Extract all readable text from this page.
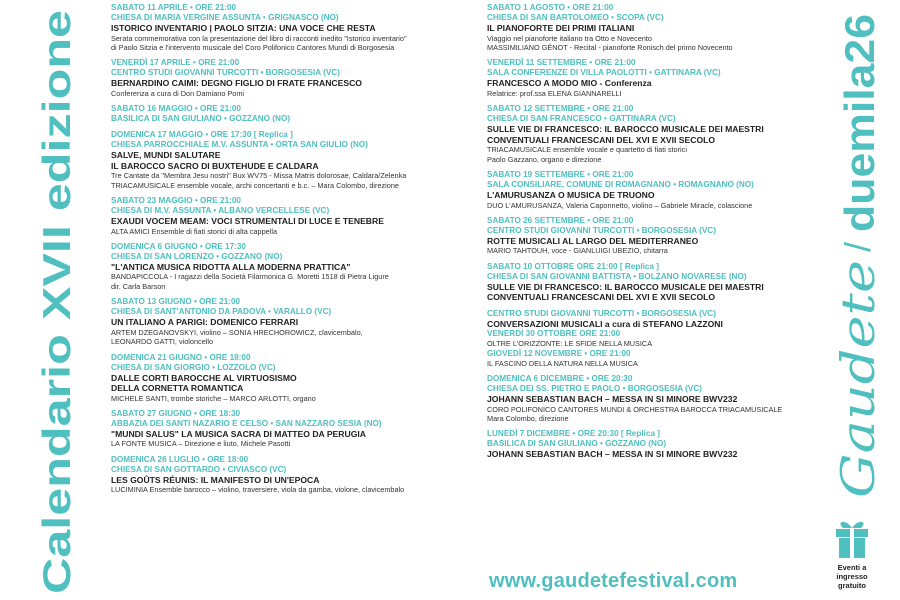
Calendario XVII edizione
SABATO 11 APRILE • ORE 21:00
CHIESA DI MARIA VERGINE ASSUNTA • GRIGNASCO (NO)
ISTORICO INVENTARIO | PAOLO SITZIA: UNA VOCE CHE RESTA
Serata commemorativa con la presentazione del libro di racconti inedito "Istorico inventario"
di Paolo Sitzia e l'intervento musicale del Coro Polifonico Cantores Mundi di Borgosesia
VENERDÌ 17 APRILE • ORE 21:00
CENTRO STUDI GIOVANNI TURCOTTI • BORGOSESIA (VC)
BERNARDINO CAIMI: DEGNO FIGLIO DI FRATE FRANCESCO
Conferenza a cura di Don Damiano Pomi
SABATO 16 MAGGIO • ORE 21:00
BASILICA DI SAN GIULIANO • GOZZANO (NO)
DOMENICA 17 MAGGIO • ORE 17:30 [ Replica ]
CHIESA PARROCCHIALE M.V. ASSUNTA • ORTA SAN GIULIO (NO)
SALVE, MUNDI SALUTARE
IL BAROCCO SACRO DI BUXTEHUDE E CALDARA
Tre Cantate da "Membra Jesu nostri" Bux WV75 - Missa Matris dolorosae, Caldara/Zelenka
TRIACAMUSICALE ensemble vocale, archi concertanti e b.c. – Mara Colombo, direzione
SABATO 23 MAGGIO • ORE 21:00
CHIESA DI M.V. ASSUNTA • ALBANO VERCELLESE (VC)
EXAUDI VOCEM MEAM: VOCI STRUMENTALI DI LUCE E TENEBRE
ALTA AMICI Ensemble di fiati storici di alta cappella
DOMENICA 6 GIUGNO • ORE 17:30
CHIESA DI SAN LORENZO • GOZZANO (NO)
"L'ANTICA MUSICA RIDOTTA ALLA MODERNA PRATTICA"
BANDAPICCOLA - I ragazzi della Società Filarmonica G. Moretti 1518 di Pietra Ligure
dir. Carla Barson
SABATO 13 GIUGNO • ORE 21:00
CHIESA DI SANT'ANTONIO DA PADOVA • VARALLO (VC)
UN ITALIANO A PARIGI: DOMENICO FERRARI
ARTEM DZEGANOVSKYI, violino – SONIA HRECHOROWICZ, clavicembalo,
LEONARDO GATTI, violoncello
DOMENICA 21 GIUGNO • ORE 18:00
CHIESA DI SAN GIORGIO • LOZZOLO (VC)
DALLE CORTI BAROCCHE AL VIRTUOSISMO
DELLA CORNETTA ROMANTICA
MICHELE SANTI, trombe storiche – MARCO ARLOTTI, organo
SABATO 27 GIUGNO • ORE 18:30
ABBAZIA DEI SANTI NAZARIO E CELSO • SAN NAZZARO SESIA (NO)
"MUNDI SALUS" LA MUSICA SACRA DI MATTEO DA PERUGIA
LA FONTE MUSICA – Direzione e liuto, Michele Pasotti
DOMENICA 26 LUGLIO • ORE 18:00
CHIESA DI SAN GOTTARDO • CIVIASCO (VC)
LES GOÛTS RÉUNIS: IL MANIFESTO DI UN'EPOCA
LUCIMINIA Ensemble barocco – violino, traversiere, viola da gamba, violone, clavicembalo
SABATO 1 AGOSTO • ORE 21:00
CHIESA DI SAN BARTOLOMEO • SCOPA (VC)
IL PIANOFORTE DEI PRIMI ITALIANI
Viaggio nel pianoforte italiano tra Otto e Novecento
MASSIMILIANO GÉNOT - Recital - pianoforte Ronisch del primo Novecento
VENERDÌ 11 SETTEMBRE • ORE 21:00
SALA CONFERENZE DI VILLA PAOLOTTI • GATTINARA (VC)
FRANCESCO A MODO MIO - Conferenza
Relatrice: prof.ssa ELENA GIANNARELLI
SABATO 12 SETTEMBRE • ORE 21:00
CHIESA DI SAN FRANCESCO • GATTINARA (VC)
SULLE VIE DI FRANCESCO: IL BAROCCO MUSICALE DEI MAESTRI
CONVENTUALI FRANCESCANI DEL XVI E XVII SECOLO
TRIACAMUSICALE ensemble vocale e quartetto di fiati storici
Paolo Gazzano, organo e direzione
SABATO 19 SETTEMBRE • ORE 21:00
SALA CONSILIARE, COMUNE DI ROMAGNANO • ROMAGNANO (NO)
L'AMURUSANZA O MUSICA DE TRUONO
DUO L'AMURUSANZA, Valeria Caponnetto, violino – Gabriele Miracle, colascione
SABATO 26 SETTEMBRE • ORE 21:00
CENTRO STUDI GIOVANNI TURCOTTI • BORGOSESIA (VC)
ROTTE MUSICALI AL LARGO DEL MEDITERRANEO
MARIO TAHTOUH, voce - GIANLUIGI UBEZIO, chitarra
SABATO 10 OTTOBRE ORE 21:00 [ Replica ]
CHIESA DI SAN GIOVANNI BATTISTA • BOLZANO NOVARESE (NO)
SULLE VIE DI FRANCESCO: IL BAROCCO MUSICALE DEI MAESTRI
CONVENTUALI FRANCESCANI DEL XVI E XVII SECOLO
CENTRO STUDI GIOVANNI TURCOTTI • BORGOSESIA (VC)
CONVERSAZIONI MUSICALI a cura di STEFANO LAZZONI
VENERDÌ 30 OTTOBRE ORE 21:00
OLTRE L'ORIZZONTE: LE SFIDE NELLA MUSICA
GIOVEDÌ 12 NOVEMBRE • ORE 21:00
IL FASCINO DELLA NATURA NELLA MUSICA
DOMENICA 6 DICEMBRE • ORE 20:30
CHIESA DEI SS. PIETRO E PAOLO • BORGOSESIA (VC)
JOHANN SEBASTIAN BACH – MESSA IN SI MINORE BWV232
CORO POLIFONICO CANTORES MUNDI & ORCHESTRA BAROCCA TRIACAMUSICALE
Mara Colombo, direzione
LUNEDÌ 7 DICEMBRE • ORE 20:30 [ Replica ]
BASILICA DI SAN GIULIANO • GOZZANO (NO)
JOHANN SEBASTIAN BACH – MESSA IN SI MINORE BWV232
www.gaudetefestival.com
Gaudete
/
duemila26
Eventi a
ingresso
gratuito
